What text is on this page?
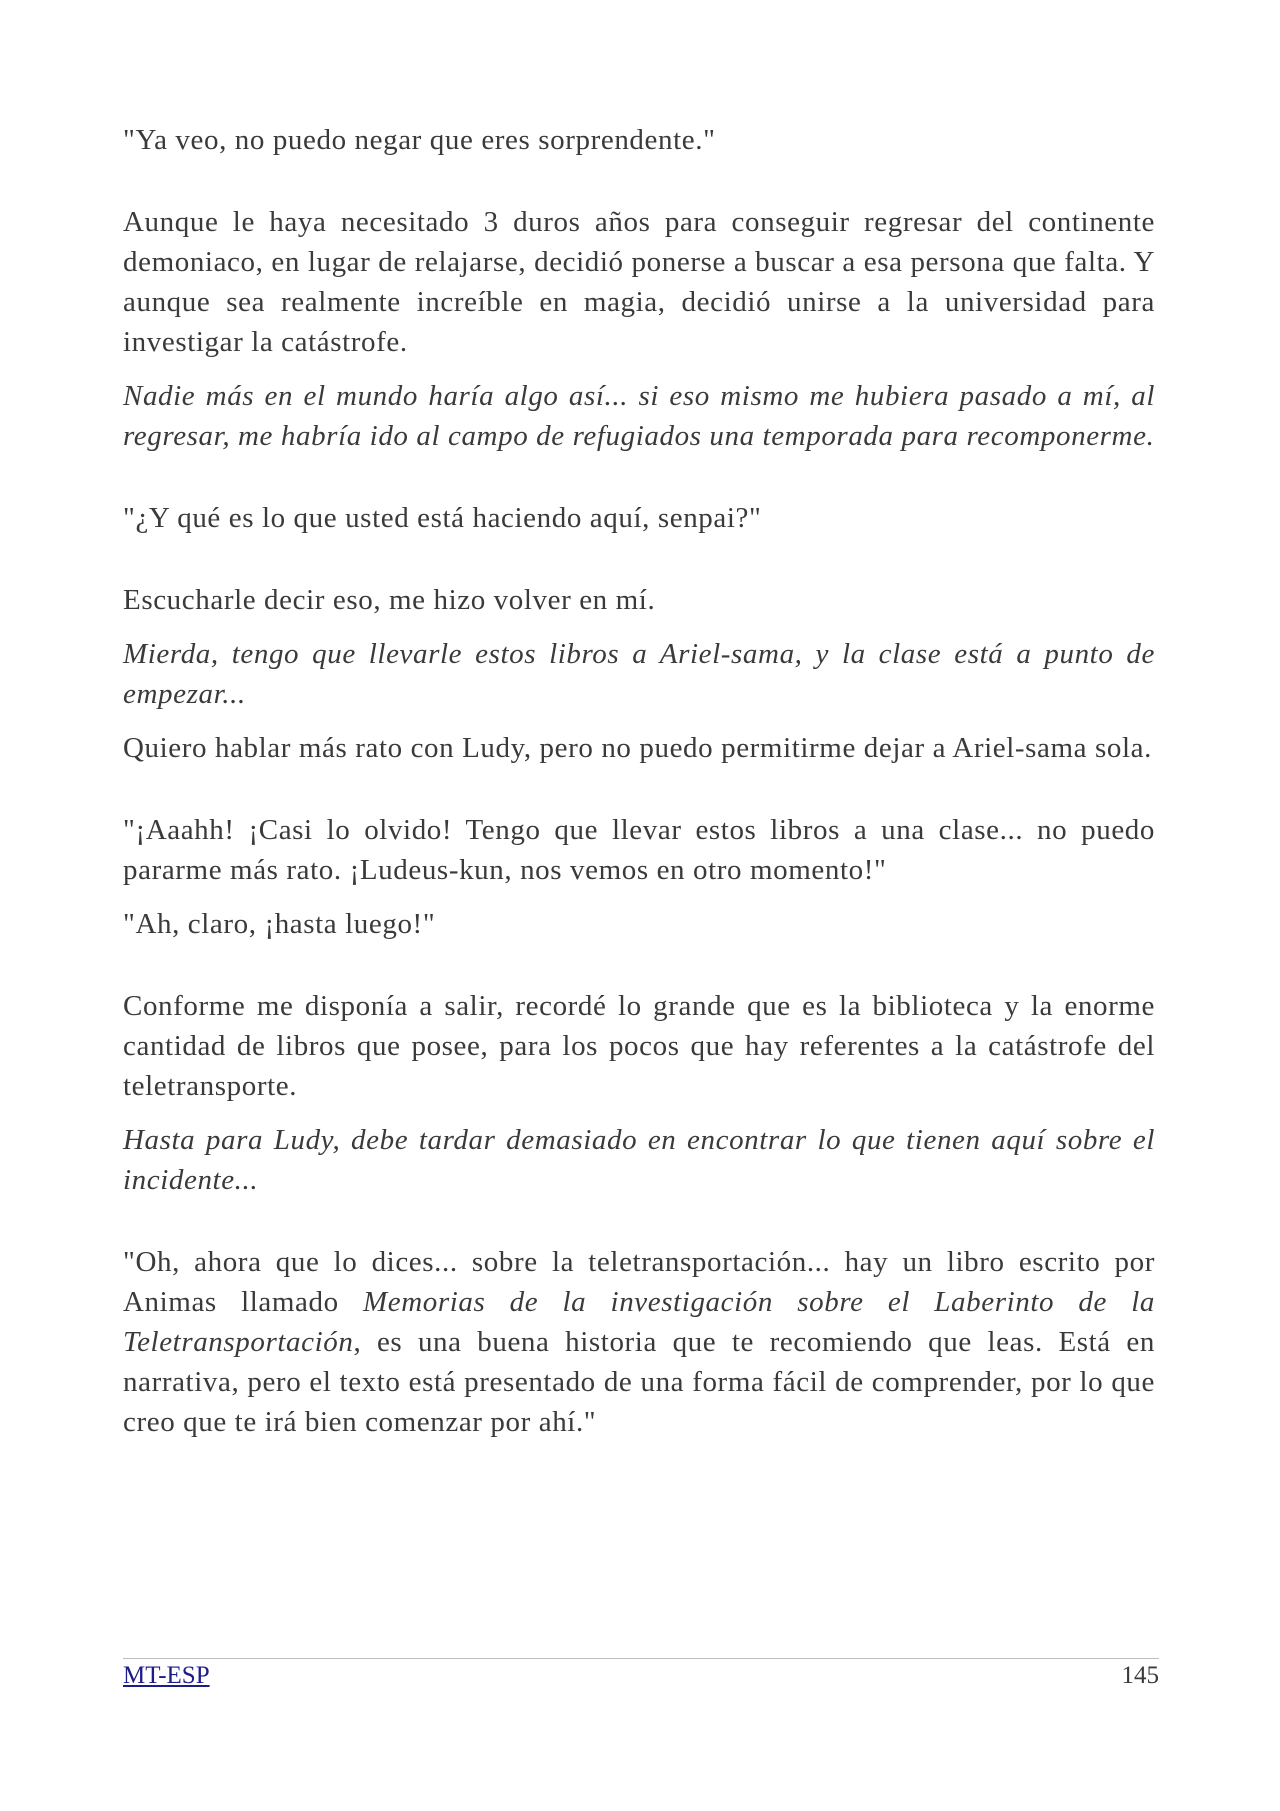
"Ya veo, no puedo negar que eres sorprendente."

Aunque le haya necesitado 3 duros años para conseguir regresar del continente demoniaco, en lugar de relajarse, decidió ponerse a buscar a esa persona que falta. Y aunque sea realmente increíble en magia, decidió unirse a la universidad para investigar la catástrofe.

Nadie más en el mundo haría algo así... si eso mismo me hubiera pasado a mí, al regresar, me habría ido al campo de refugiados una temporada para recomponerme.

"¿Y qué es lo que usted está haciendo aquí, senpai?"

Escucharle decir eso, me hizo volver en mí.

Mierda, tengo que llevarle estos libros a Ariel-sama, y la clase está a punto de empezar...

Quiero hablar más rato con Ludy, pero no puedo permitirme dejar a Ariel-sama sola.

"¡Aaahh! ¡Casi lo olvido! Tengo que llevar estos libros a una clase... no puedo pararme más rato. ¡Ludeus-kun, nos vemos en otro momento!"

"Ah, claro, ¡hasta luego!"

Conforme me disponía a salir, recordé lo grande que es la biblioteca y la enorme cantidad de libros que posee, para los pocos que hay referentes a la catástrofe del teletransporte.

Hasta para Ludy, debe tardar demasiado en encontrar lo que tienen aquí sobre el incidente...

"Oh, ahora que lo dices... sobre la teletransportación... hay un libro escrito por Animas llamado Memorias de la investigación sobre el Laberinto de la Teletransportación, es una buena historia que te recomiendo que leas. Está en narrativa, pero el texto está presentado de una forma fácil de comprender, por lo que creo que te irá bien comenzar por ahí."

MT-ESP	145
